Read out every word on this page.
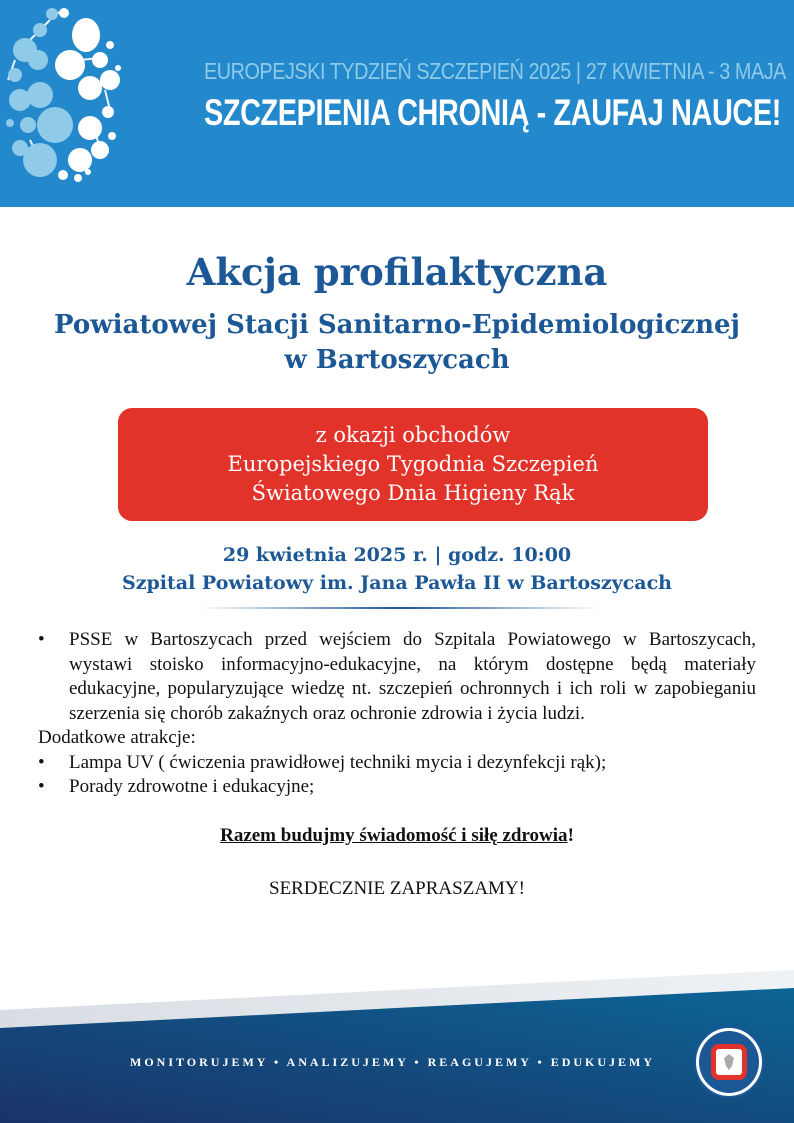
EUROPEJSKI TYDZIEŃ SZCZEPIEŃ 2025 | 27 KWIETNIA - 3 MAJA
SZCZEPIENIA CHRONIĄ - ZAUFAJ NAUCE!
Akcja profilaktyczna
Powiatowej Stacji Sanitarno-Epidemiologicznej
w Bartoszycach
z okazji obchodów
Europejskiego Tygodnia Szczepień
Światowego Dnia Higieny Rąk
29 kwietnia 2025 r. | godz. 10:00
Szpital Powiatowy im. Jana Pawła II w Bartoszycach
•	PSSE w Bartoszycach przed wejściem do Szpitala Powiatowego w Bartoszycach, wystawi stoisko informacyjno-edukacyjne, na którym dostępne będą materiały edukacyjne, popularyzujące wiedzę nt. szczepień ochronnych i ich roli w zapobieganiu szerzenia się chorób zakaźnych oraz ochronie zdrowia i życia ludzi.
Dodatkowe atrakcje:
•	Lampa UV ( ćwiczenia prawidłowej techniki mycia i dezynfekcji rąk);
•	Porady zdrowotne i edukacyjne;
Razem budujmy świadomość i siłę zdrowia!
SERDECZNIE ZAPRASZAMY!
MONITORUJEMY • ANALIZUJEMY • REAGUJEMY • EDUKUJEMY
